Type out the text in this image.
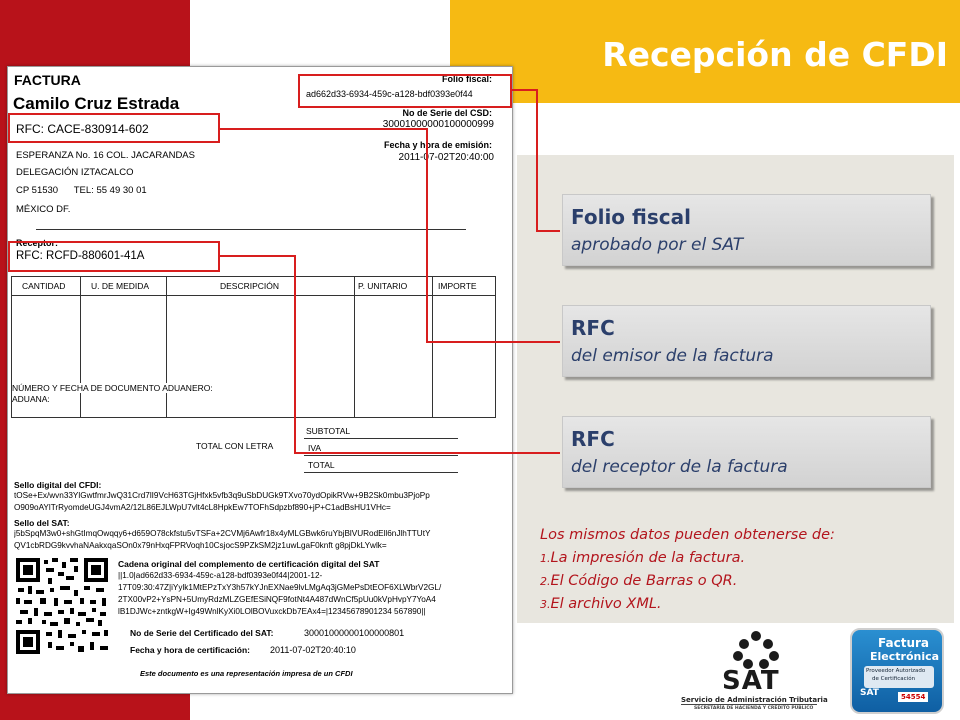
Recepción de CFDI
FACTURA
Camilo Cruz Estrada
RFC: CACE-830914-602
ESPERANZA No. 16 COL. JACARANDAS
DELEGACIÓN IZTACALCO
CP 51530      TEL: 55 49 30 01
MÉXICO DF.
Folio fiscal:
ad662d33-6934-459c-a128-bdf0393e0f44
No de Serie del CSD:
30001000000100000999
Fecha y hora de emisión:
2011-07-02T20:40:00
Receptor:
RFC: RCFD-880601-41A
CANTIDAD	U. DE MEDIDA	DESCRIPCIÓN	P. UNITARIO	IMPORTE
NÚMERO Y FECHA DE DOCUMENTO ADUANERO:
ADUANA:
SUBTOTAL
TOTAL CON LETRA	IVA
TOTAL
Sello digital del CFDI:
tOSe+Ex/wvn33YlGwtfmrJwQ31Crd7lI9VcH63TGjHfxk5vfb3q9uSbDUGk9TXvo70ydOpikRVw+9B2Sk0mbu3PjoPp
O909oAYlTrRyomdeUGJ4vmA2/12L86EJLWpU7vlt4cL8HpkEw7TOFhSdpzbf890+jP+C1adBsHU1VHc=
Sello del SAT:
j5bSpqM3w0+shGtImqOwqqy6+d659O78ckfstu5vTSFa+2CVMj6Awfr18x4yMLGBwk6ruYbjBlVURodEll6nJlhTTUtY
QV1cbRDG9kvvhaNAakxqaSOn0x79nHxqFPRVoqh10CsjocS9PZkSM2jz1uwLgaF0knft g8pjDkLYwlk=
Cadena original del complemento de certificación digital del SAT
||1.0|ad662d33-6934-459c-a128-bdf0393e0f44|2001-12-
17T09:30:47Z|iYylk1MtEPzTxY3h57kYJnEXNae9lvLMgAq3jGMePsDtEOF6XLWbrV2GL/
2TX00vP2+YsPN+5UmyRdzMLZGEfESiNQF9fotNt4A487dWnCf5pUu0kVpHvpY7YoA4
lB1DJWc+zntkgW+Ig49WnlKyXi0LOlBOVuxckDb7EAx4=|12345678901234 567890||
No de Serie del Certificado del SAT:	30001000000100000801
Fecha y hora de certificación: 2011-07-02T20:40:10
Este documento es una representación impresa de un CFDI
Folio fiscal
aprobado por el SAT
RFC
del emisor de la factura
RFC
del receptor de la factura
Los mismos datos pueden obtenerse de:
1.La impresión de la factura.
2.El Código de Barras o QR.
3.El archivo XML.
SAT
Servicio de Administración Tributaria
SECRETARÍA DE HACIENDA Y CRÉDITO PÚBLICO
Factura
Electrónica
Proveedor Autorizado
de Certificación
54554
SAT
